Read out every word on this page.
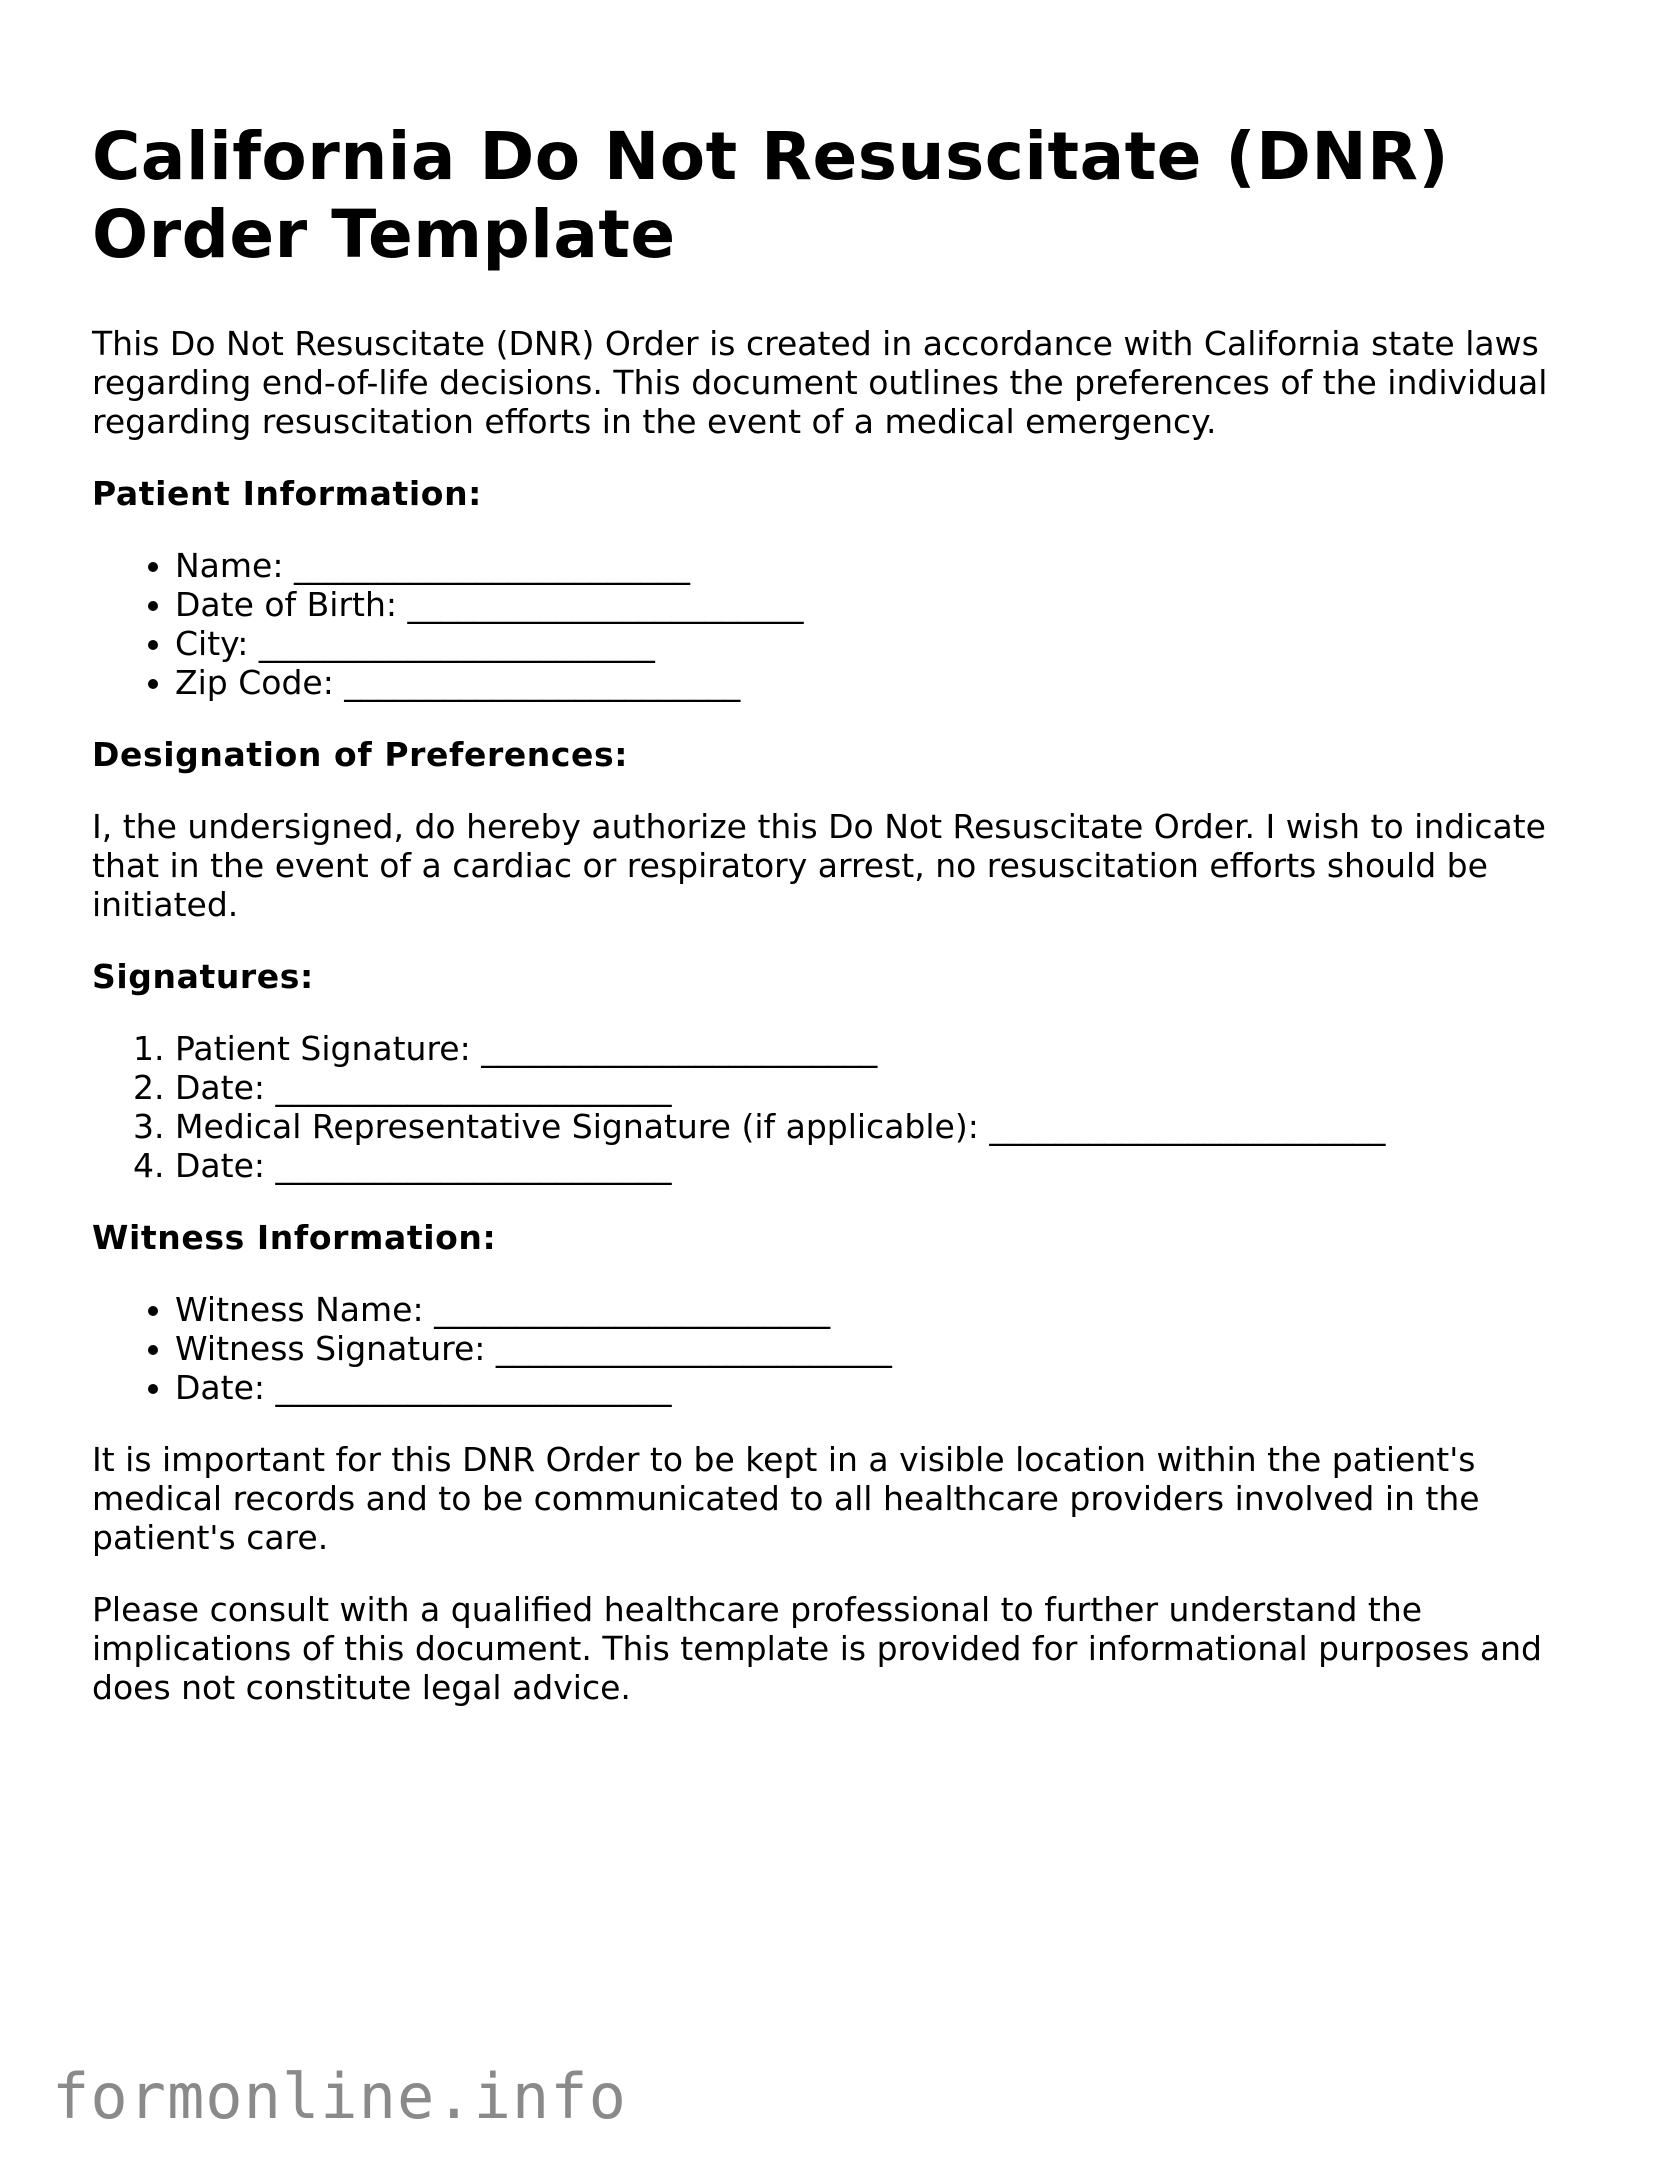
California Do Not Resuscitate (DNR) Order Template

This Do Not Resuscitate (DNR) Order is created in accordance with California state laws regarding end-of-life decisions. This document outlines the preferences of the individual regarding resuscitation efforts in the event of a medical emergency.

Patient Information:
• Name: ________________________
• Date of Birth: ________________________
• City: ________________________
• Zip Code: ________________________
Designation of Preferences:

I, the undersigned, do hereby authorize this Do Not Resuscitate Order. I wish to indicate that in the event of a cardiac or respiratory arrest, no resuscitation efforts should be initiated.

Signatures:
1. Patient Signature: ________________________
2. Date: ________________________
3. Medical Representative Signature (if applicable): ________________________
4. Date: ________________________
Witness Information:
• Witness Name: ________________________
• Witness Signature: ________________________
• Date: ________________________

It is important for this DNR Order to be kept in a visible location within the patient's medical records and to be communicated to all healthcare providers involved in the patient's care.

Please consult with a qualified healthcare professional to further understand the implications of this document. This template is provided for informational purposes and does not constitute legal advice.

formonline.info
